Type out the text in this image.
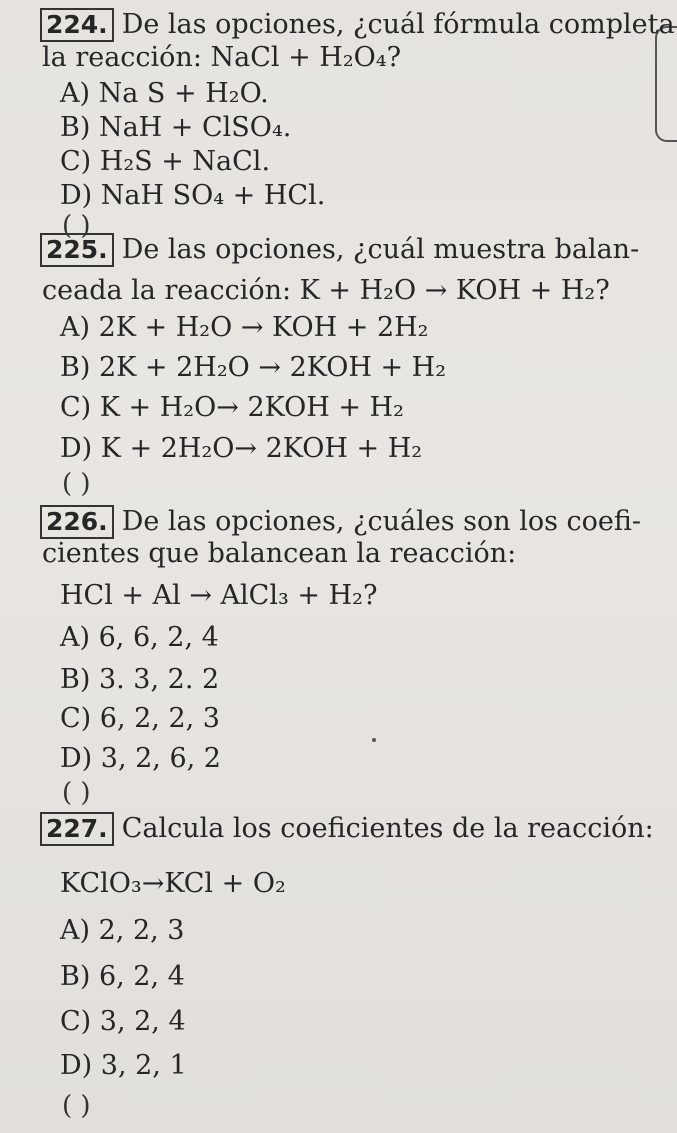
224. De las opciones, ¿cuál fórmula completa
la reacción: NaCl + H₂O₄?
A) Na S + H₂O.
B) NaH + ClSO₄.
C) H₂S + NaCl.
D) NaH SO₄ + HCl.
( )
225. De las opciones, ¿cuál muestra balan-
ceada la reacción: K + H₂O → KOH + H₂?
A) 2K + H₂O → KOH + 2H₂
B) 2K + 2H₂O → 2KOH + H₂
C) K + H₂O→ 2KOH + H₂
D) K + 2H₂O→ 2KOH + H₂
( )
226. De las opciones, ¿cuáles son los coefi-
cientes que balancean la reacción:
HCl + Al → AlCl₃ + H₂?
A) 6, 6, 2, 4
B) 3. 3, 2. 2
C) 6, 2, 2, 3
D) 3, 2, 6, 2
( )
227. Calcula los coeficientes de la reacción:
KClO₃→KCl + O₂
A) 2, 2, 3
B) 6, 2, 4
C) 3, 2, 4
D) 3, 2, 1
( )
